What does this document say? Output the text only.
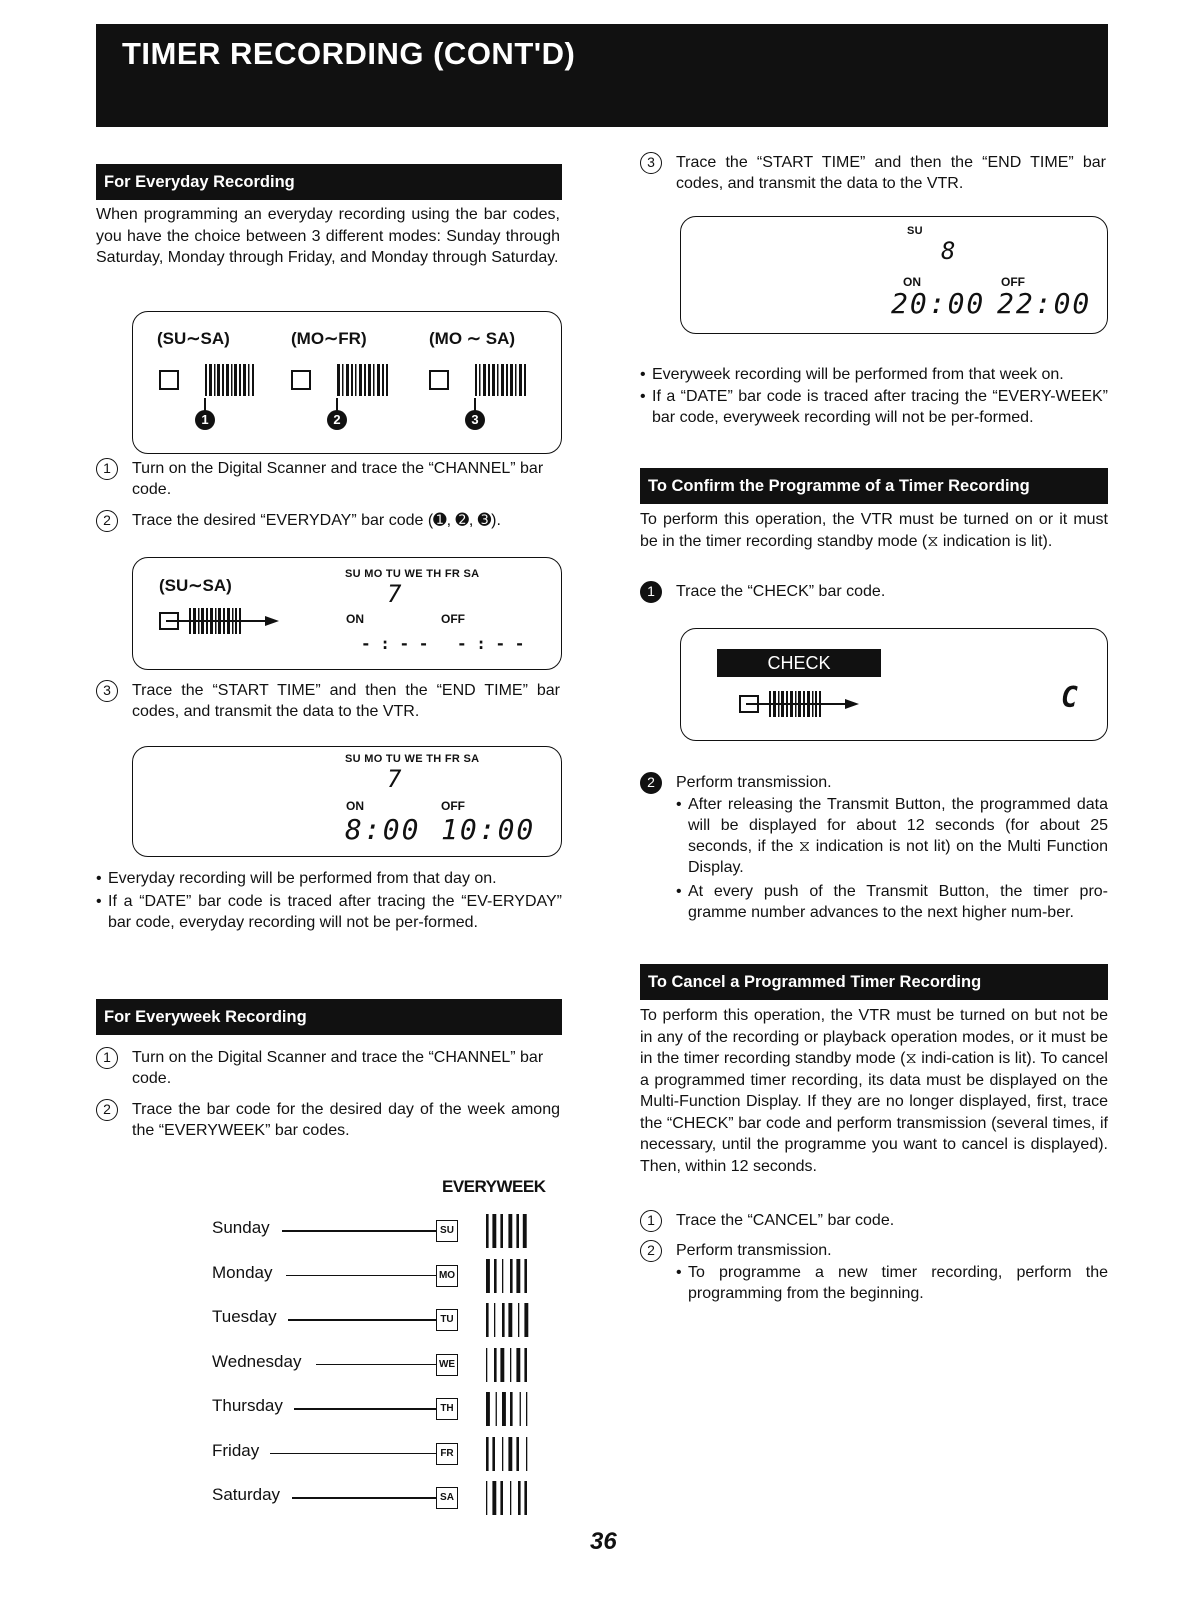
TIMER RECORDING (CONT'D)
For Everyday Recording
When programming an everyday recording using the bar codes, you have the choice between 3 different modes: Sunday through Saturday, Monday through Friday, and Monday through Saturday.
(SU∼SA)	(MO∼FR)	(MO ∼ SA)
1	2	3
1	Turn on the Digital Scanner and trace the “CHANNEL” bar code.
2	Trace the desired “EVERYDAY” bar code (➊, ➋, ➌).
(SU∼SA)
SU MO TU WE TH FR SA
7
ON	OFF
- : - - - : - -
3	Trace the “START TIME” and then the “END TIME” bar codes, and transmit the data to the VTR.
SU MO TU WE TH FR SA
7
ON	OFF
8:00 10:00
• Everyday recording will be performed from that day on.
• If a “DATE” bar code is traced after tracing the “EV-ERYDAY” bar code, everyday recording will not be per-formed.
For Everyweek Recording
1	Turn on the Digital Scanner and trace the “CHANNEL” bar code.
2	Trace the bar code for the desired day of the week among the “EVERYWEEK” bar codes.
EVERYWEEK
Sunday	SU
Monday	MO
Tuesday	TU
Wednesday	WE
Thursday	TH
Friday	FR
Saturday	SA
3	Trace the “START TIME” and then the “END TIME” bar codes, and transmit the data to the VTR.
SU
8
ON	OFF
20:00 22:00
• Everyweek recording will be performed from that week on.
• If a “DATE” bar code is traced after tracing the “EVERY-WEEK” bar code, everyweek recording will not be per-formed.
To Confirm the Programme of a Timer Recording
To perform this operation, the VTR must be turned on or it must be in the timer recording standby mode (⧖ indication is lit).
1	Trace the “CHECK” bar code.
CHECK
C
2	Perform transmission.
• After releasing the Transmit Button, the programmed data will be displayed for about 12 seconds (for about 25 seconds, if the ⧖ indication is not lit) on the Multi Function Display.
• At every push of the Transmit Button, the timer pro-gramme number advances to the next higher num-ber.
To Cancel a Programmed Timer Recording
To perform this operation, the VTR must be turned on but not be in any of the recording or playback operation modes, or it must be in the timer recording standby mode (⧖ indi-cation is lit). To cancel a programmed timer recording, its data must be displayed on the Multi-Function Display. If they are no longer displayed, first, trace the “CHECK” bar code and perform transmission (several times, if necessary, until the programme you want to cancel is displayed). Then, within 12 seconds.
1	Trace the “CANCEL” bar code.
2	Perform transmission.
• To programme a new timer recording, perform the programming from the beginning.
36
